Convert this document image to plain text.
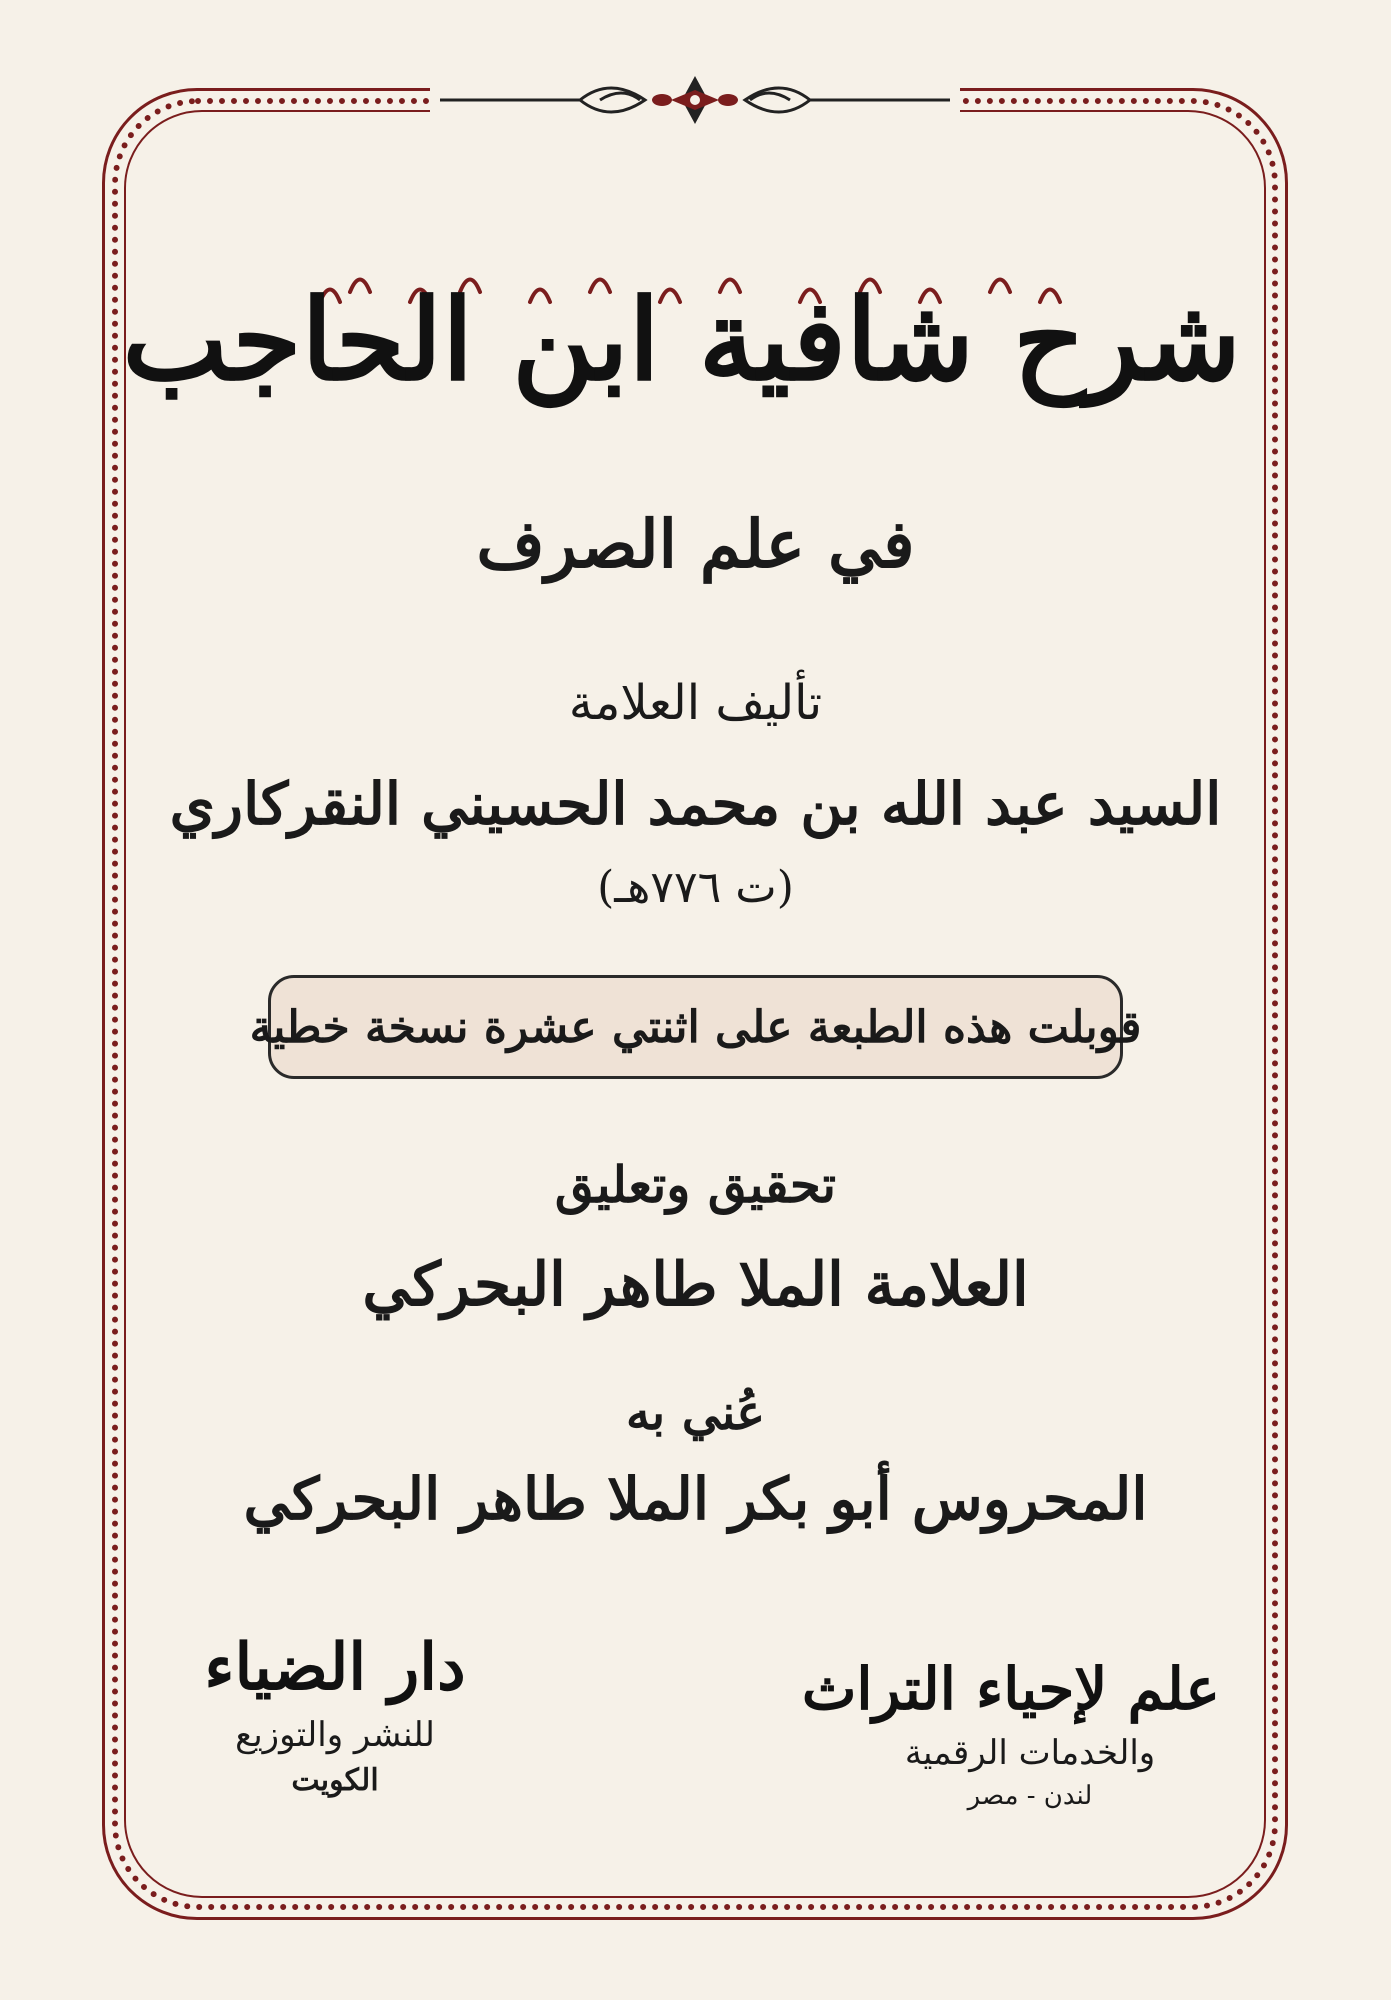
شرح شافية ابن الحاجب
في علم الصرف
تأليف العلامة
السيد عبد الله بن محمد الحسيني النقركاري
(ت ٧٧٦هـ)
قوبلت هذه الطبعة على اثنتي عشرة نسخة خطية
تحقيق وتعليق
العلامة الملا طاهر البحركي
عُني به
المحروس أبو بكر الملا طاهر البحركي
علم لإحياء التراث
والخدمات الرقمية
لندن - مصر
دار الضياء
للنشر والتوزيع
الكويت
